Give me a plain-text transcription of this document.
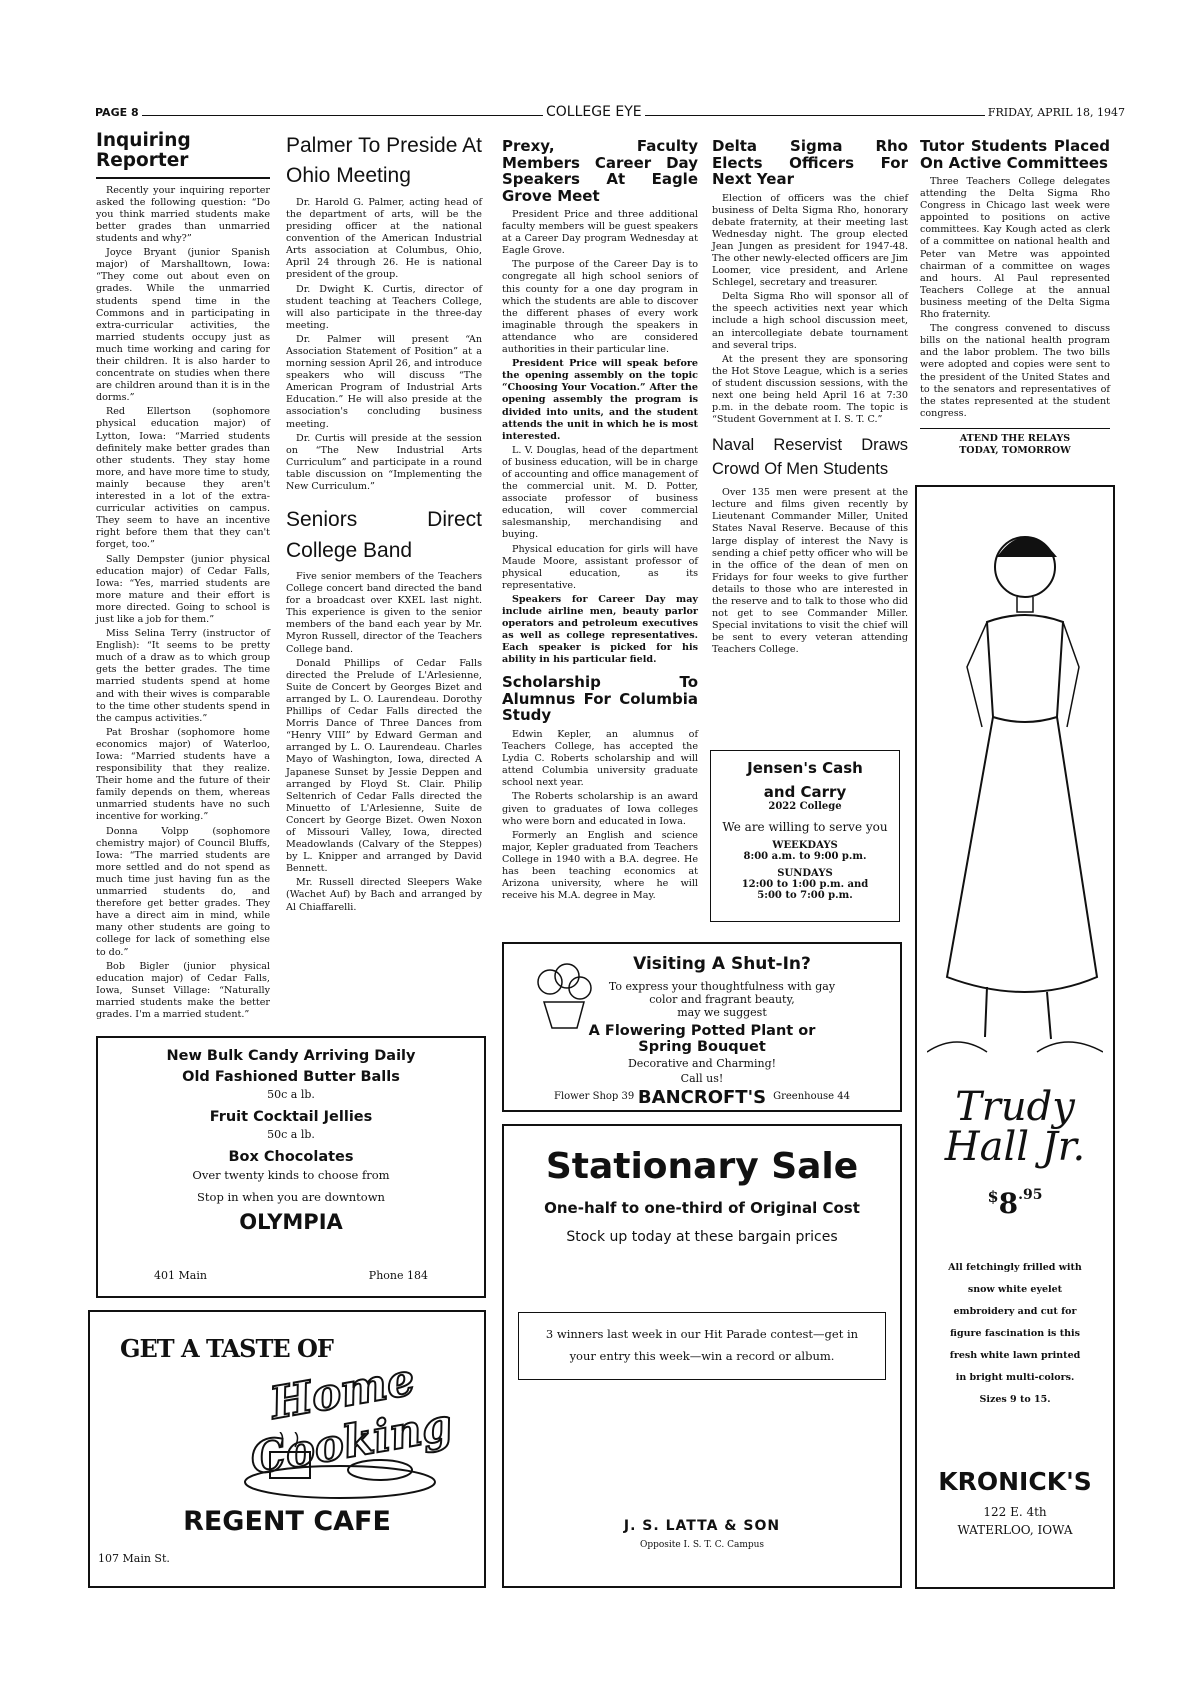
PAGE 8	COLLEGE EYE	FRIDAY, APRIL 18, 1947
Inquiring Reporter

Recently your inquiring reporter asked the following question: “Do you think married students make better grades than unmarried students and why?”

Joyce Bryant (junior Spanish major) of Marshalltown, Iowa: “They come out about even on grades. While the unmarried students spend time in the Commons and in participating in extra-curricular activities, the married students occupy just as much time working and caring for their children. It is also harder to concentrate on studies when there are children around than it is in the dorms.”

Red Ellertson (sophomore physical education major) of Lytton, Iowa: “Married students definitely make better grades than other students. They stay home more, and have more time to study, mainly because they aren't interested in a lot of the extra-curricular activities on campus. They seem to have an incentive right before them that they can't forget, too.”

Sally Dempster (junior physical education major) of Cedar Falls, Iowa: “Yes, married students are more mature and their effort is more directed. Going to school is just like a job for them.”

Miss Selina Terry (instructor of English): “It seems to be pretty much of a draw as to which group gets the better grades. The time married students spend at home and with their wives is comparable to the time other students spend in the campus activities.”

Pat Broshar (sophomore home economics major) of Waterloo, Iowa: “Married students have a responsibility that they realize. Their home and the future of their family depends on them, whereas unmarried students have no such incentive for working.”

Donna Volpp (sophomore chemistry major) of Council Bluffs, Iowa: “The married students are more settled and do not spend as much time just having fun as the unmarried students do, and therefore get better grades. They have a direct aim in mind, while many other students are going to college for lack of something else to do.”

Bob Bigler (junior physical education major) of Cedar Falls, Iowa, Sunset Village: “Naturally married students make the better grades. I'm a married student.”

Palmer To Preside At Ohio Meeting

Dr. Harold G. Palmer, acting head of the department of arts, will be the presiding officer at the national convention of the American Industrial Arts association at Columbus, Ohio, April 24 through 26. He is national president of the group.

Dr. Dwight K. Curtis, director of student teaching at Teachers College, will also participate in the three-day meeting.

Dr. Palmer will present “An Association Statement of Position” at a morning session April 26, and introduce speakers who will discuss “The American Program of Industrial Arts Education.” He will also preside at the association's concluding business meeting.

Dr. Curtis will preside at the session on “The New Industrial Arts Curriculum” and participate in a round table discussion on “Implementing the New Curriculum.”

Seniors Direct College Band

Five senior members of the Teachers College concert band directed the band for a broadcast over KXEL last night. This experience is given to the senior members of the band each year by Mr. Myron Russell, director of the Teachers College band.

Donald Phillips of Cedar Falls directed the Prelude of L'Arlesienne, Suite de Concert by Georges Bizet and arranged by L. O. Laurendeau. Dorothy Phillips of Cedar Falls directed the Morris Dance of Three Dances from “Henry VIII” by Edward German and arranged by L. O. Laurendeau. Charles Mayo of Washington, Iowa, directed A Japanese Sunset by Jessie Deppen and arranged by Floyd St. Clair. Philip Seltenrich of Cedar Falls directed the Minuetto of L'Arlesienne, Suite de Concert by George Bizet. Owen Noxon of Missouri Valley, Iowa, directed Meadowlands (Calvary of the Steppes) by L. Knipper and arranged by David Bennett.

Mr. Russell directed Sleepers Wake (Wachet Auf) by Bach and arranged by Al Chiaffarelli.

Prexy, Faculty Members Career Day Speakers At Eagle Grove Meet

President Price and three additional faculty members will be guest speakers at a Career Day program Wednesday at Eagle Grove.

The purpose of the Career Day is to congregate all high school seniors of this county for a one day program in which the students are able to discover the different phases of every work imaginable through the speakers in attendance who are considered authorities in their particular line.

President Price will speak before the opening assembly on the topic “Choosing Your Vocation.” After the opening assembly the program is divided into units, and the student attends the unit in which he is most interested.

L. V. Douglas, head of the department of business education, will be in charge of accounting and office management of the commercial unit. M. D. Potter, associate professor of business education, will cover commercial salesmanship, merchandising and buying.

Physical education for girls will have Maude Moore, assistant professor of physical education, as its representative.

Speakers for Career Day may include airline men, beauty parlor operators and petroleum executives as well as college representatives. Each speaker is picked for his ability in his particular field.

Scholarship To Alumnus For Columbia Study

Edwin Kepler, an alumnus of Teachers College, has accepted the Lydia C. Roberts scholarship and will attend Columbia university graduate school next year.

The Roberts scholarship is an award given to graduates of Iowa colleges who were born and educated in Iowa.

Formerly an English and science major, Kepler graduated from Teachers College in 1940 with a B.A. degree. He has been teaching economics at Arizona university, where he will receive his M.A. degree in May.

Delta Sigma Rho Elects Officers For Next Year

Election of officers was the chief business of Delta Sigma Rho, honorary debate fraternity, at their meeting last Wednesday night. The group elected Jean Jungen as president for 1947-48. The other newly-elected officers are Jim Loomer, vice president, and Arlene Schlegel, secretary and treasurer.

Delta Sigma Rho will sponsor all of the speech activities next year which include a high school discussion meet, an intercollegiate debate tournament and several trips.

At the present they are sponsoring the Hot Stove League, which is a series of student discussion sessions, with the next one being held April 16 at 7:30 p.m. in the debate room. The topic is “Student Government at I. S. T. C.”

Naval Reservist Draws Crowd Of Men Students

Over 135 men were present at the lecture and films given recently by Lieutenant Commander Miller, United States Naval Reserve. Because of this large display of interest the Navy is sending a chief petty officer who will be in the office of the dean of men on Fridays for four weeks to give further details to those who are interested in the reserve and to talk to those who did not get to see Commander Miller. Special invitations to visit the chief will be sent to every veteran attending Teachers College.

Tutor Students Placed On Active Committees

Three Teachers College delegates attending the Delta Sigma Rho Congress in Chicago last week were appointed to positions on active committees. Kay Kough acted as clerk of a committee on national health and Peter van Metre was appointed chairman of a committee on wages and hours. Al Paul represented Teachers College at the annual business meeting of the Delta Sigma Rho fraternity.

The congress convened to discuss bills on the national health program and the labor problem. The two bills were adopted and copies were sent to the president of the United States and to the senators and representatives of the states represented at the student congress.

ATEND THE RELAYS
TODAY, TOMORROW
Jensen's Cash
and Carry
2022 College
We are willing to serve you
WEEKDAYS
8:00 a.m. to 9:00 p.m.
SUNDAYS
12:00 to 1:00 p.m. and
5:00 to 7:00 p.m.
New Bulk Candy Arriving Daily
Old Fashioned Butter Balls
50c a lb.
Fruit Cocktail Jellies
50c a lb.
Box Chocolates
Over twenty kinds to choose from
Stop in when you are downtown
OLYMPIA
401 Main	Phone 184
GET A TASTE OF
Home Cooking
REGENT CAFE
107 Main St.
Visiting A Shut-In?
To express your thoughtfulness with gay
color and fragrant beauty,
may we suggest
A Flowering Potted Plant or
Spring Bouquet
Decorative and Charming!
Call us!
BANCROFT'S
Flower Shop 39	Greenhouse 44
Stationary Sale
One-half to one-third of Original Cost
Stock up today at these bargain prices
3 winners last week in our Hit Parade contest—get in
your entry this week—win a record or album.
J. S. LATTA & SON
Opposite I. S. T. C. Campus
Trudy Hall Jr.
$8.95
All fetchingly frilled with
snow white eyelet
embroidery and cut for
figure fascination is this
fresh white lawn printed
in bright multi-colors.
Sizes 9 to 15.
KRONICK'S
122 E. 4th
WATERLOO, IOWA
